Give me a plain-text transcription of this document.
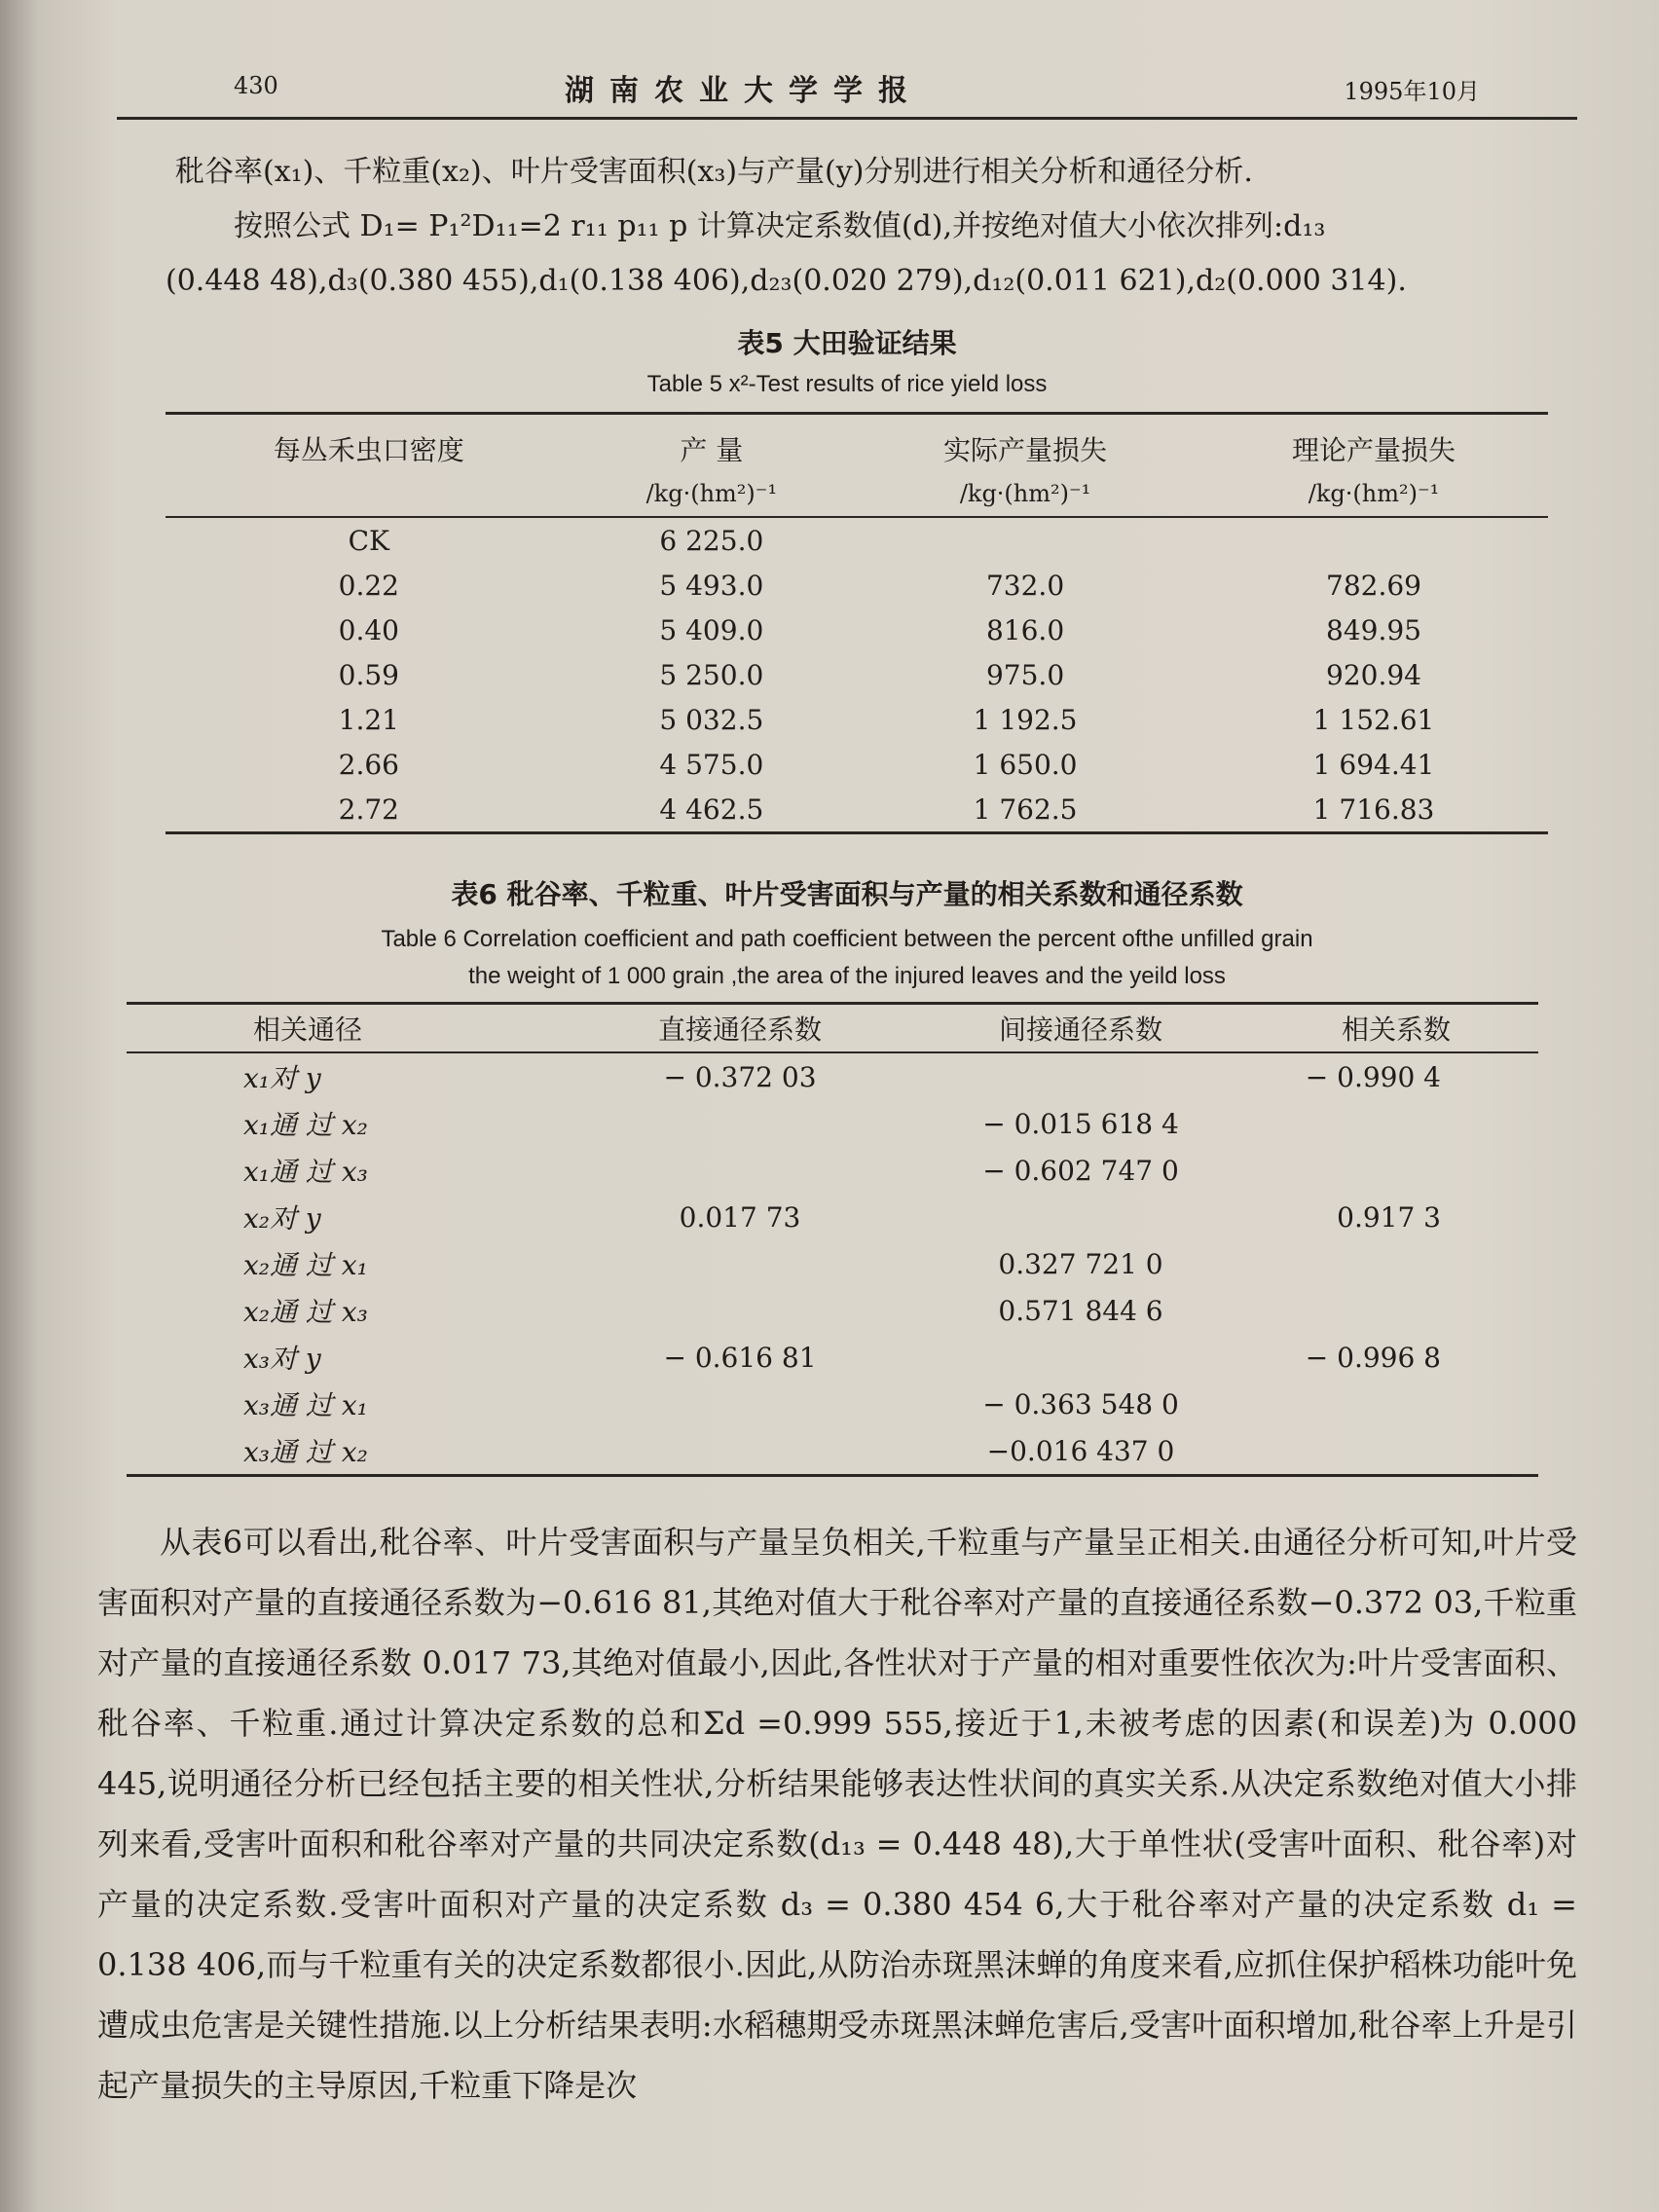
430	湖南农业大学学报	1995年10月
秕谷率(x₁)、千粒重(x₂)、叶片受害面积(x₃)与产量(y)分别进行相关分析和通径分析.
按照公式 D₁= P₁²D₁₁=2 r₁₁ p₁₁ p 计算决定系数值(d),并按绝对值大小依次排列:d₁₃
(0.448 48),d₃(0.380 455),d₁(0.138 406),d₂₃(0.020 279),d₁₂(0.011 621),d₂(0.000 314).
表5 大田验证结果
Table 5 x²-Test results of rice yield loss
每丛禾虫口密度	产 量	实际产量损失	理论产量损失
	/kg·(hm²)⁻¹	/kg·(hm²)⁻¹	/kg·(hm²)⁻¹
CK	6 225.0		
0.22	5 493.0	732.0	782.69
0.40	5 409.0	816.0	849.95
0.59	5 250.0	975.0	920.94
1.21	5 032.5	1 192.5	1 152.61
2.66	4 575.0	1 650.0	1 694.41
2.72	4 462.5	1 762.5	1 716.83
表6 秕谷率、千粒重、叶片受害面积与产量的相关系数和通径系数
Table 6 Correlation coefficient and path coefficient between the percent ofthe unfilled grain
the weight of 1 000 grain ,the area of the injured leaves and the yeild loss
相关通径	直接通径系数	间接通径系数	相关系数
x₁对 y	− 0.372 03		− 0.990 4
x₁通 过 x₂		− 0.015 618 4	
x₁通 过 x₃		− 0.602 747 0	
x₂对 y	0.017 73		0.917 3
x₂通 过 x₁		0.327 721 0	
x₂通 过 x₃		0.571 844 6	
x₃对 y	− 0.616 81		− 0.996 8
x₃通 过 x₁		− 0.363 548 0	
x₃通 过 x₂		−0.016 437 0	
从表6可以看出,秕谷率、叶片受害面积与产量呈负相关,千粒重与产量呈正相关.由通径分析可知,叶片受害面积对产量的直接通径系数为−0.616 81,其绝对值大于秕谷率对产量的直接通径系数−0.372 03,千粒重对产量的直接通径系数 0.017 73,其绝对值最小,因此,各性状对于产量的相对重要性依次为:叶片受害面积、秕谷率、千粒重.通过计算决定系数的总和Σd =0.999 555,接近于1,未被考虑的因素(和误差)为 0.000 445,说明通径分析已经包括主要的相关性状,分析结果能够表达性状间的真实关系.从决定系数绝对值大小排列来看,受害叶面积和秕谷率对产量的共同决定系数(d₁₃ = 0.448 48),大于单性状(受害叶面积、秕谷率)对产量的决定系数.受害叶面积对产量的决定系数 d₃ = 0.380 454 6,大于秕谷率对产量的决定系数 d₁ = 0.138 406,而与千粒重有关的决定系数都很小.因此,从防治赤斑黑沫蝉的角度来看,应抓住保护稻株功能叶免遭成虫危害是关键性措施.以上分析结果表明:水稻穗期受赤斑黑沫蝉危害后,受害叶面积增加,秕谷率上升是引起产量损失的主导原因,千粒重下降是次
